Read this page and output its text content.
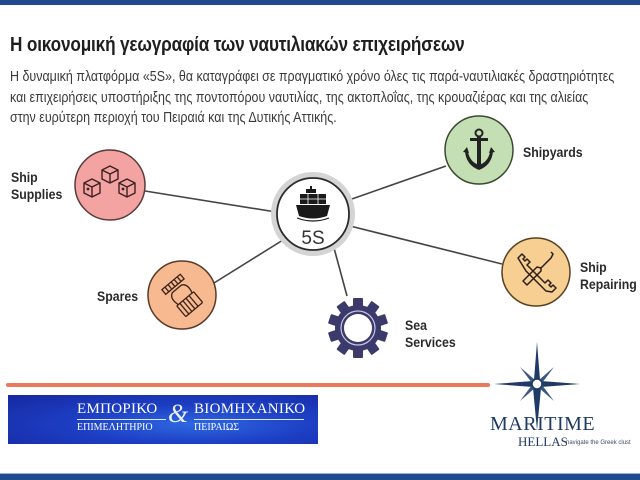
Η οικονομική γεωγραφία των ναυτιλιακών επιχειρήσεων
Η δυναμική πλατφόρμα «5S», θα καταγράφει σε πραγματικό χρόνο όλες τις παρά-ναυτιλιακές δραστηριότητες
και επιχειρήσεις υποστήριξης της ποντοπόρου ναυτιλίας, της ακτοπλοΐας, της κρουαζιέρας και της αλιείας
στην ευρύτερη περιοχή του Πειραιά και της Δυτικής Αττικής.
5S
Ship
Supplies
Spares
Shipyards
Ship
Repairing
Sea
Services
ΕΜΠΟΡΙΚΟ
ΕΠΙΜΕΛΗΤΗΡΙΟ & ΒΙΟΜΗΧΑΝΙΚΟ
ΠΕΙΡΑΙΩΣ	MARITIME
HELLAS
navigate the Greek clust
